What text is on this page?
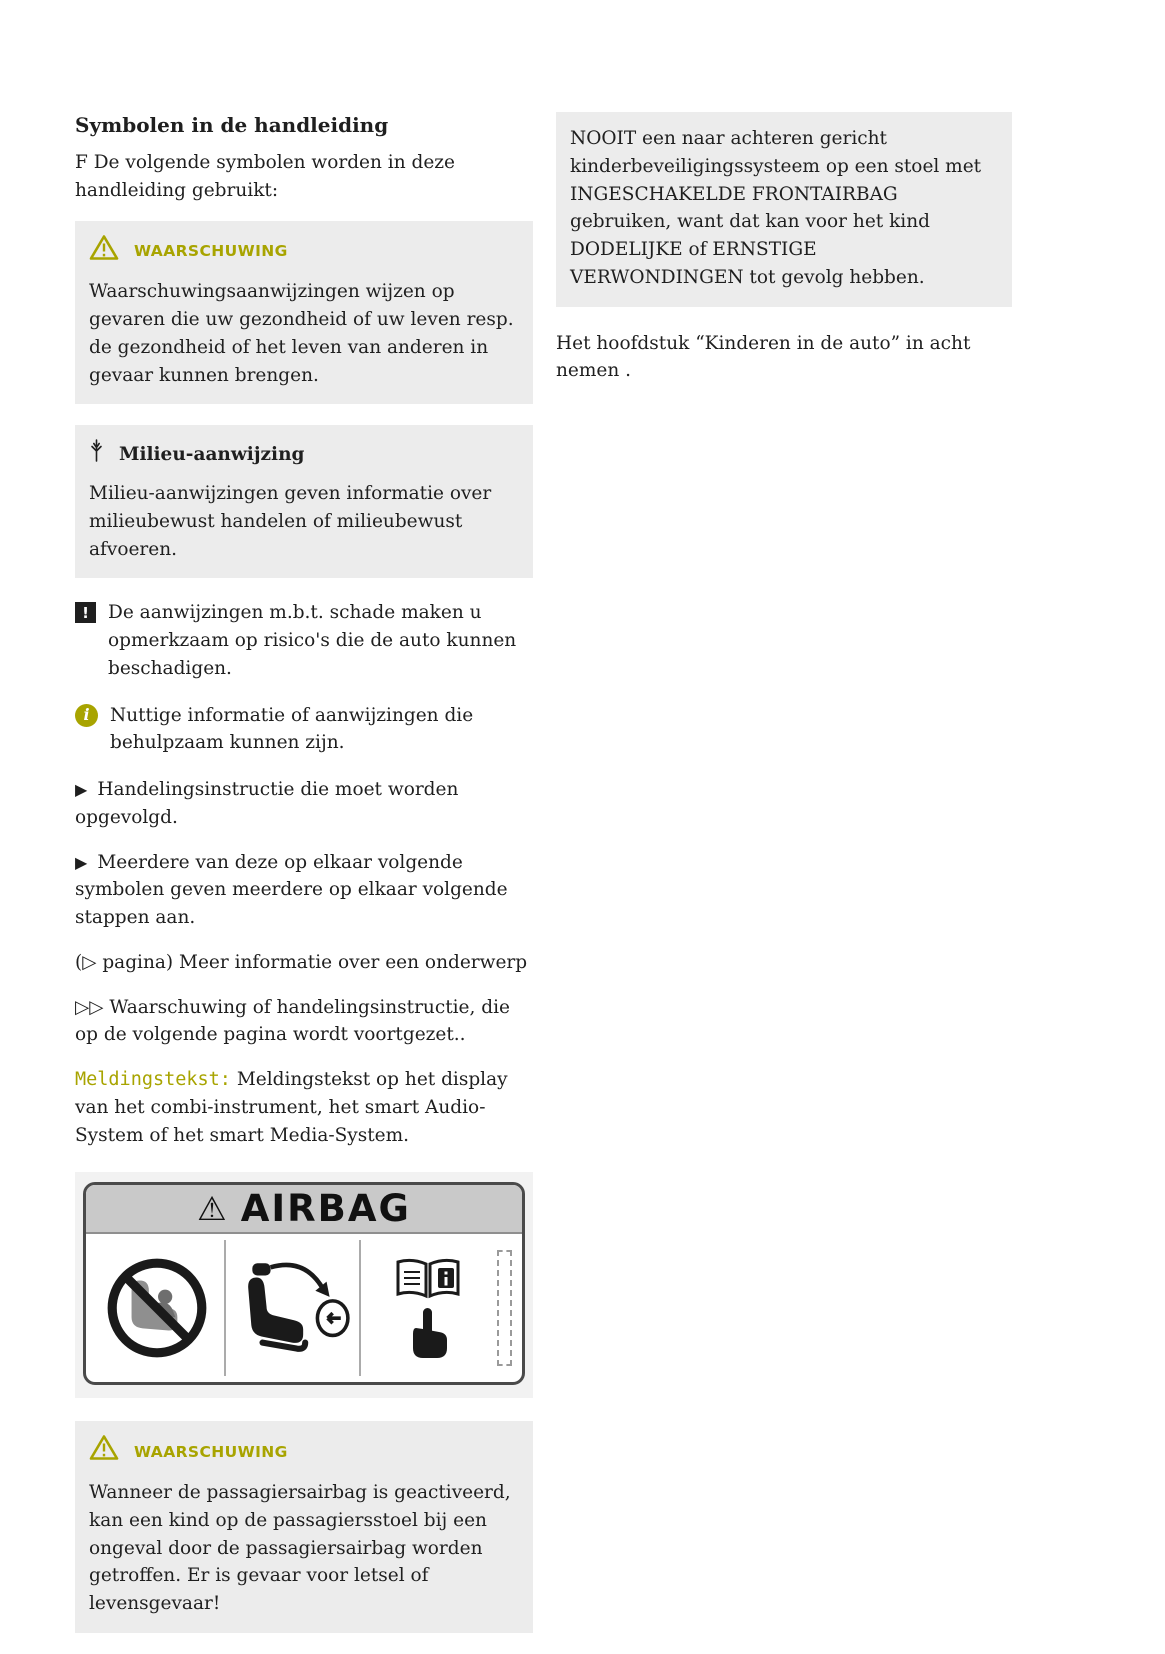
Symbolen in de handleiding

F De volgende symbolen worden in deze handleiding gebruikt:

WAARSCHUWING

Waarschuwingsaanwijzingen wijzen op gevaren die uw gezondheid of uw leven resp. de gezondheid of het leven van anderen in gevaar kunnen brengen.

Milieu-aanwijzing

Milieu-aanwijzingen geven informatie over milieubewust handelen of milieubewust afvoeren.

!	De aanwijzingen m.b.t. schade maken u opmerkzaam op risico's die de auto kunnen beschadigen.

i	Nuttige informatie of aanwijzingen die behulpzaam kunnen zijn.

▶ Handelingsinstructie die moet worden opgevolgd.

▶ Meerdere van deze op elkaar volgende symbolen geven meerdere op elkaar volgende stappen aan.

(▷ pagina) Meer informatie over een onderwerp

▷▷ Waarschuwing of handelingsinstructie, die op de volgende pagina wordt voortgezet..

Meldingstekst: Meldingstekst op het display van het combi-instrument, het smart Audio-System of het smart Media-System.

⚠ AIRBAG
WAARSCHUWING

Wanneer de passagiersairbag is geactiveerd, kan een kind op de passagiersstoel bij een ongeval door de passagiersairbag worden getroffen. Er is gevaar voor letsel of levensgevaar!

NOOIT een naar achteren gericht kinderbeveiligingssysteem op een stoel met INGESCHAKELDE FRONTAIRBAG gebruiken, want dat kan voor het kind DODELIJKE of ERNSTIGE VERWONDINGEN tot gevolg hebben.

Het hoofdstuk “Kinderen in de auto” in acht nemen .
